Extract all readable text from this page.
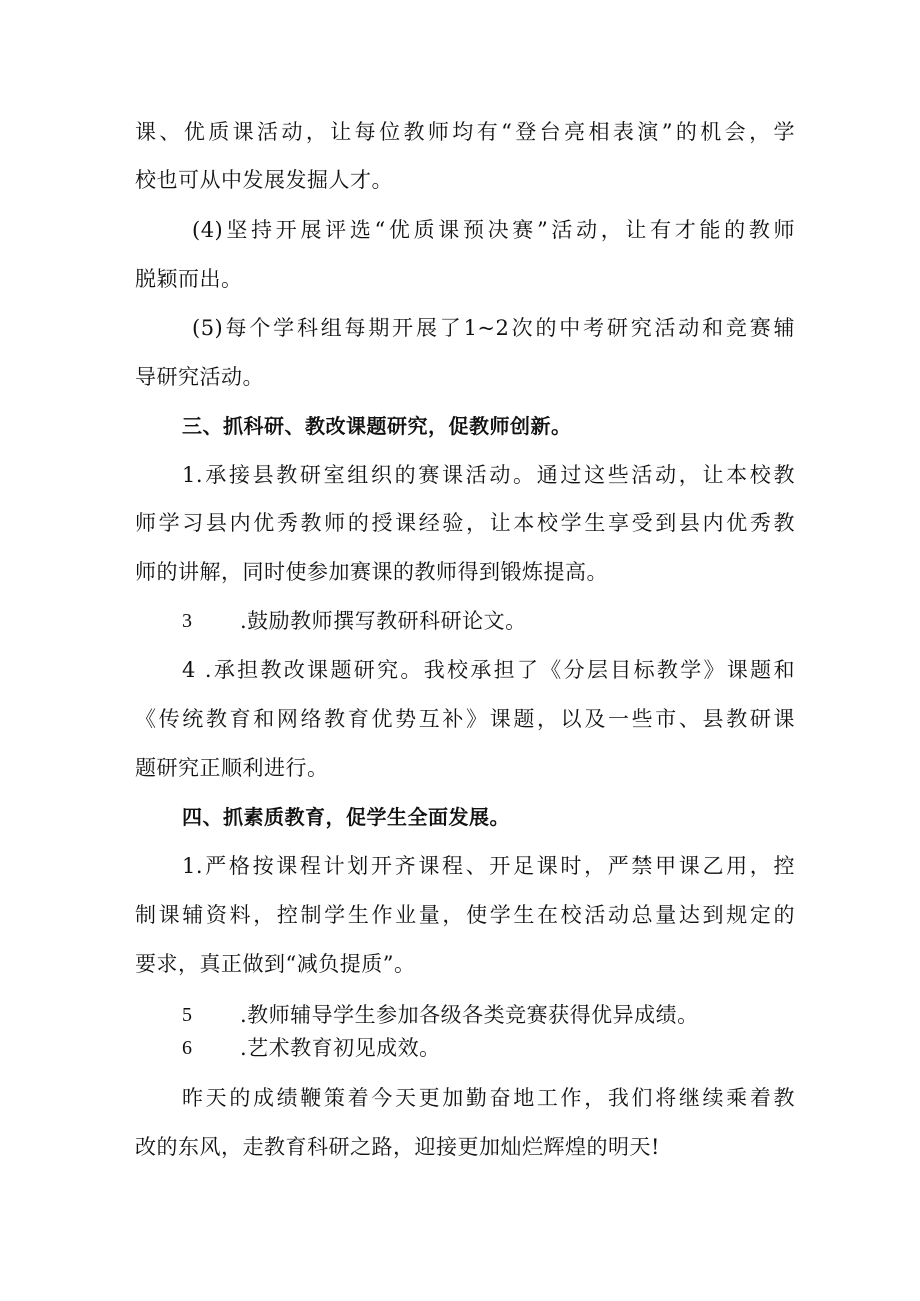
课、优质课活动，让每位教师均有“登台亮相表演”的机会，学
校也可从中发展发掘人才。
(4)坚持开展评选“优质课预决赛”活动，让有才能的教师
脱颖而出。
(5)每个学科组每期开展了1~2次的中考研究活动和竞赛辅
导研究活动。
三、抓科研、教改课题研究，促教师创新。
1.承接县教研室组织的赛课活动。通过这些活动，让本校教
师学习县内优秀教师的授课经验，让本校学生享受到县内优秀教
师的讲解，同时使参加赛课的教师得到锻炼提高。
3 .鼓励教师撰写教研科研论文。
4 .承担教改课题研究。我校承担了《分层目标教学》课题和
《传统教育和网络教育优势互补》课题，以及一些市、县教研课
题研究正顺利进行。
四、抓素质教育，促学生全面发展。
1.严格按课程计划开齐课程、开足课时，严禁甲课乙用，控
制课辅资料，控制学生作业量，使学生在校活动总量达到规定的
要求，真正做到“减负提质”。
5 .教师辅导学生参加各级各类竞赛获得优异成绩。
6 .艺术教育初见成效。
昨天的成绩鞭策着今天更加勤奋地工作，我们将继续乘着教
改的东风，走教育科研之路，迎接更加灿烂辉煌的明天!
